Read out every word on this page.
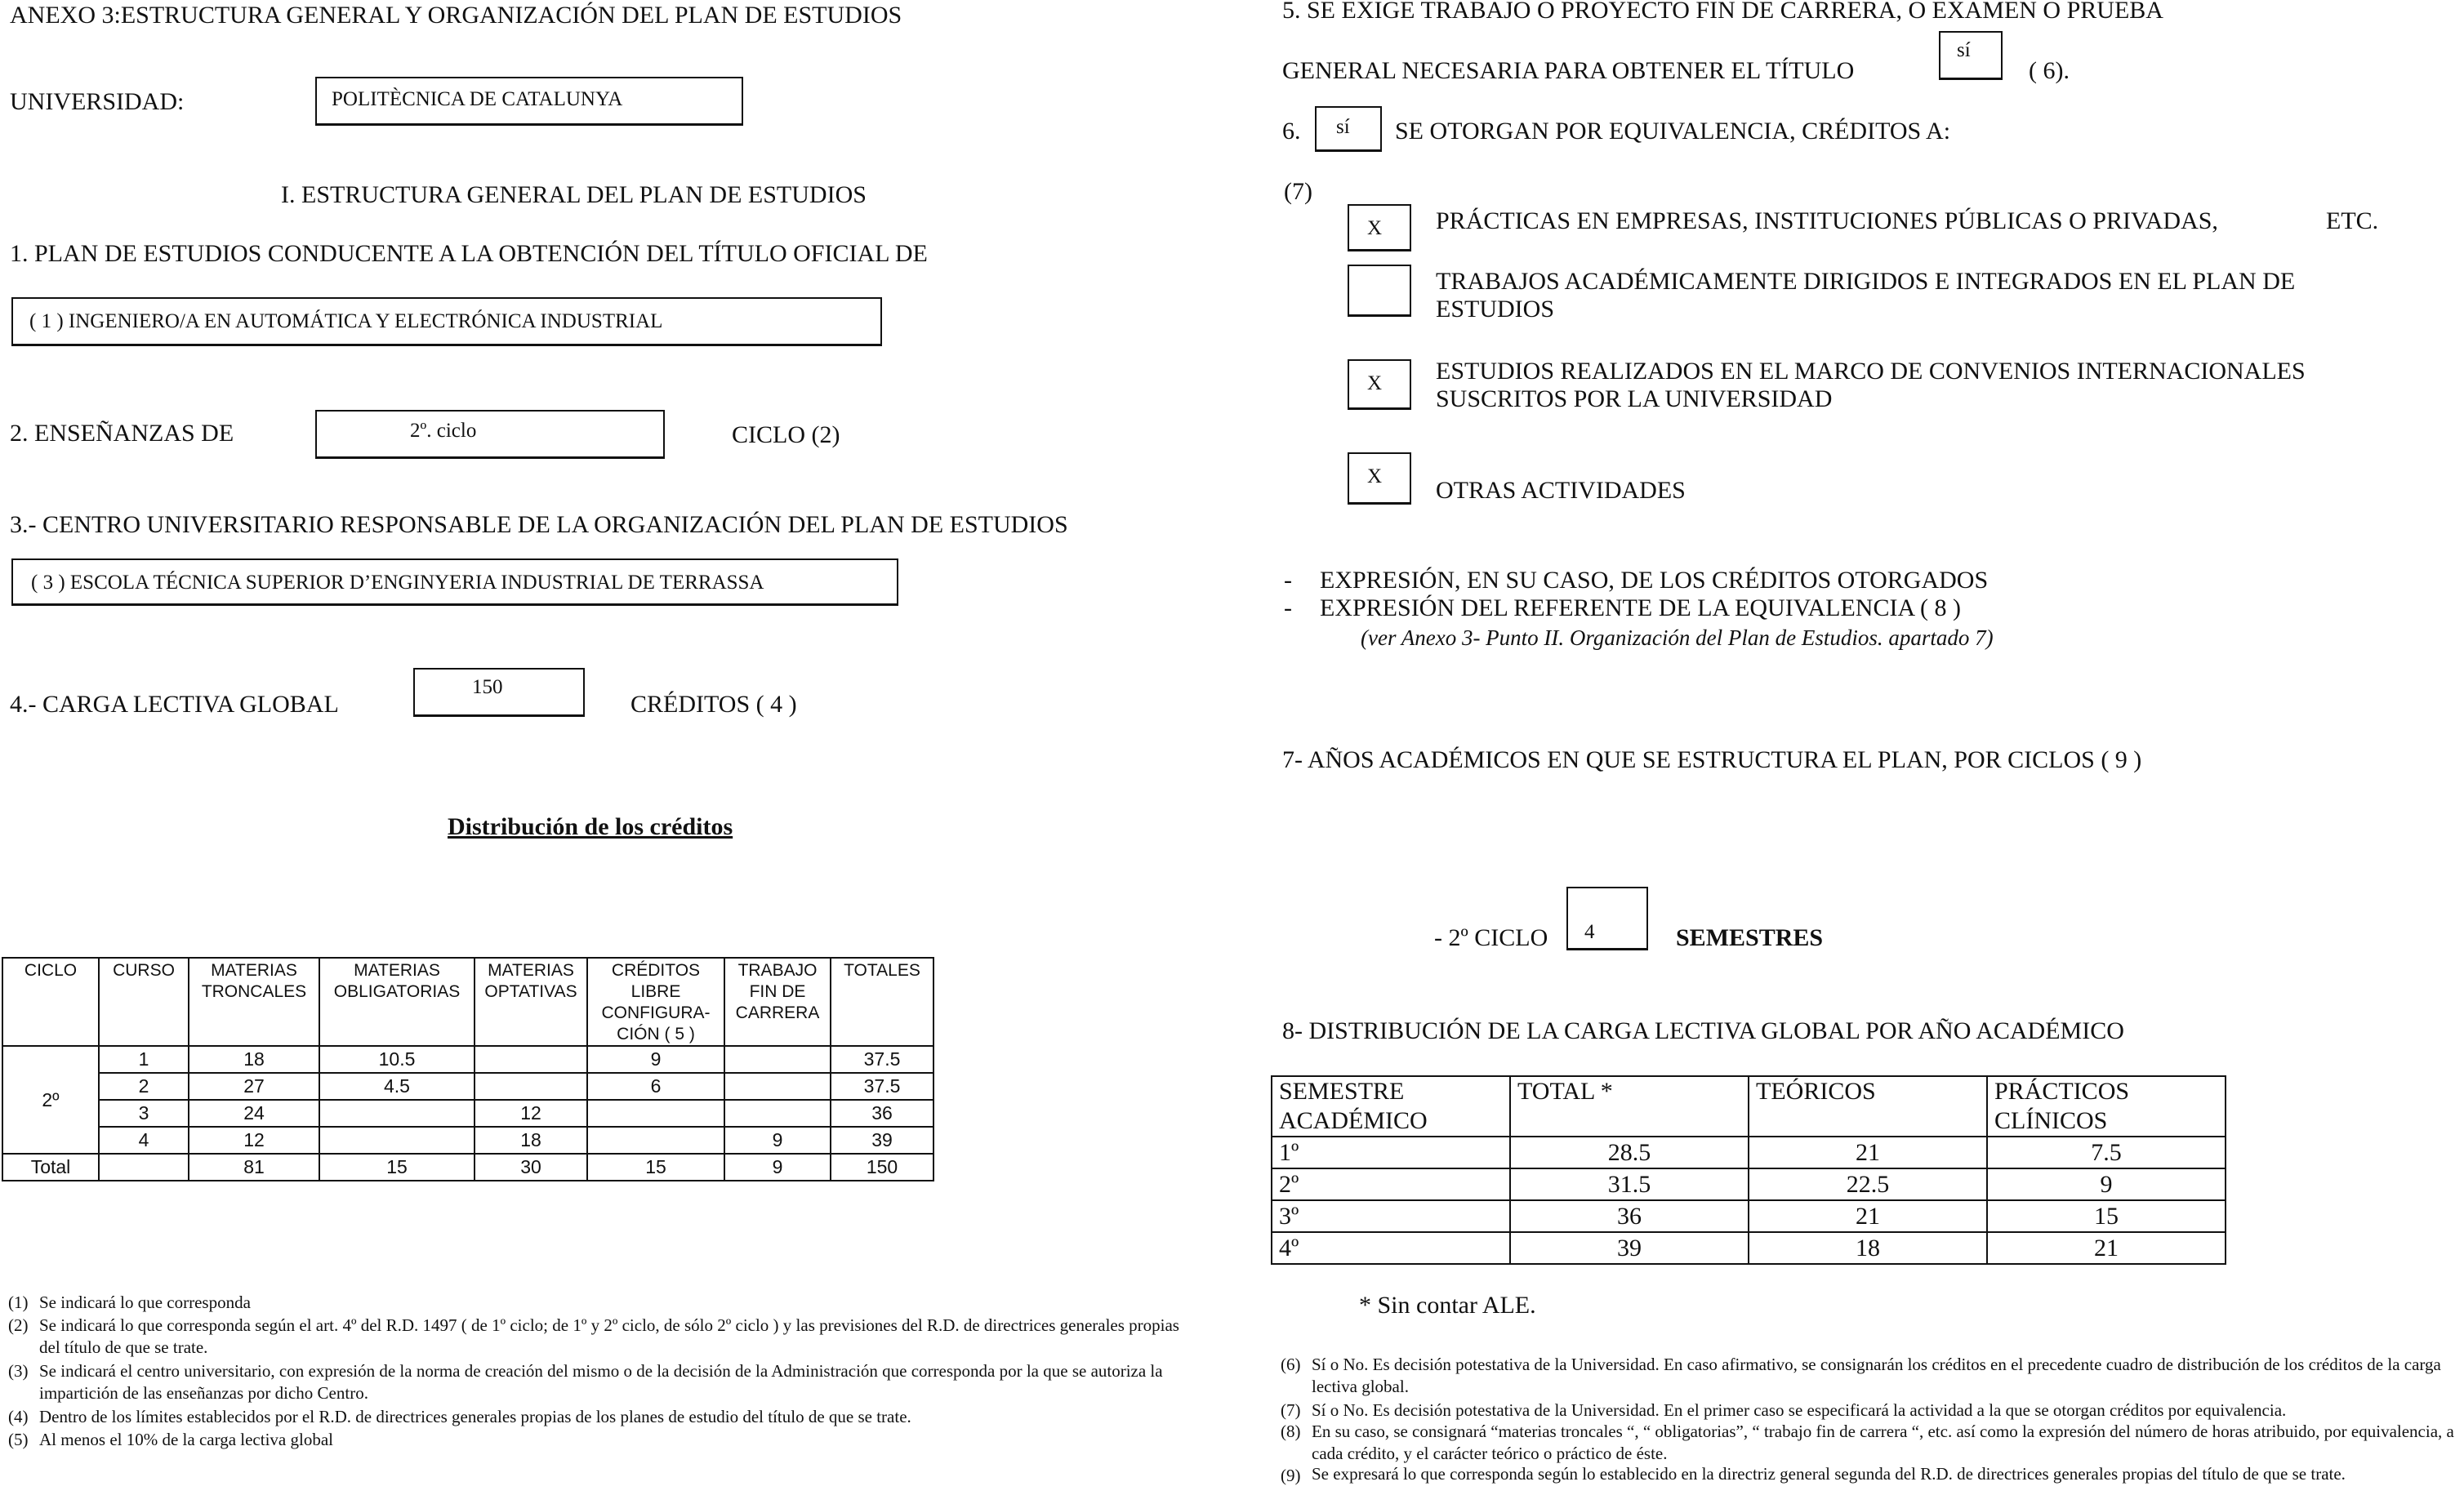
ANEXO 3:ESTRUCTURA GENERAL Y ORGANIZACIÓN DEL PLAN DE ESTUDIOS
UNIVERSIDAD:	POLITÈCNICA DE CATALUNYA
I. ESTRUCTURA GENERAL DEL PLAN DE ESTUDIOS
1. PLAN DE ESTUDIOS CONDUCENTE A LA OBTENCIÓN DEL TÍTULO OFICIAL DE
( 1 ) INGENIERO/A EN AUTOMÁTICA Y ELECTRÓNICA INDUSTRIAL
2. ENSEÑANZAS DE	2º. ciclo	CICLO (2)
3.- CENTRO UNIVERSITARIO RESPONSABLE DE LA ORGANIZACIÓN DEL PLAN DE ESTUDIOS
( 3 ) ESCOLA TÉCNICA SUPERIOR D’ENGINYERIA INDUSTRIAL DE TERRASSA
4.- CARGA LECTIVA GLOBAL
150
CRÉDITOS ( 4 )
Distribución de los créditos
CICLO	CURSO	MATERIAS TRONCALES	MATERIAS OBLIGATORIAS	MATERIAS OPTATIVAS	CRÉDITOS LIBRE CONFIGURA-CIÓN ( 5 )	TRABAJO FIN DE CARRERA	TOTALES
2º	1	18	10.5		9		37.5
	2	27	4.5		6		37.5
	3	24		12			36
	4	12		18		9	39
Total		81	15	30	15	9	150
(1) Se indicará lo que corresponda
(2) Se indicará lo que corresponda según el art. 4º del R.D. 1497 ( de 1º ciclo; de 1º y 2º ciclo, de sólo 2º ciclo ) y las previsiones del R.D. de directrices generales propias del título de que se trate.
(3) Se indicará el centro universitario, con expresión de la norma de creación del mismo o de la decisión de la Administración que corresponda por la que se autoriza la impartición de las enseñanzas por dicho Centro.
(4) Dentro de los límites establecidos por el R.D. de directrices generales propias de los planes de estudio del título de que se trate.
(5) Al menos el 10% de la carga lectiva global
5. SE EXIGE TRABAJO O PROYECTO FIN DE CARRERA, O EXAMEN O PRUEBA
GENERAL NECESARIA PARA OBTENER EL TÍTULO
sí
( 6).
6. sí SE OTORGAN POR EQUIVALENCIA, CRÉDITOS A:
(7)
X PRÁCTICAS EN EMPRESAS, INSTITUCIONES PÚBLICAS O PRIVADAS,	ETC.
TRABAJOS ACADÉMICAMENTE DIRIGIDOS E INTEGRADOS EN EL PLAN DE
ESTUDIOS
X ESTUDIOS REALIZADOS EN EL MARCO DE CONVENIOS INTERNACIONALES
SUSCRITOS POR LA UNIVERSIDAD
X
OTRAS ACTIVIDADES
- EXPRESIÓN, EN SU CASO, DE LOS CRÉDITOS OTORGADOS
- EXPRESIÓN DEL REFERENTE DE LA EQUIVALENCIA ( 8 )
(ver Anexo 3- Punto II. Organización del Plan de Estudios. apartado 7)
7- AÑOS ACADÉMICOS EN QUE SE ESTRUCTURA EL PLAN, POR CICLOS ( 9 )
- 2º CICLO 4	SEMESTRES
8- DISTRIBUCIÓN DE LA CARGA LECTIVA GLOBAL POR AÑO ACADÉMICO
SEMESTRE ACADÉMICO	TOTAL *	TEÓRICOS	PRÁCTICOS CLÍNICOS
1º	28.5	21	7.5
2º	31.5	22.5	9
3º	36	21	15
4º	39	18	21
* Sin contar ALE.
(6) Sí o No. Es decisión potestativa de la Universidad. En caso afirmativo, se consignarán los créditos en el precedente cuadro de distribución de los créditos de la carga lectiva global.
(7) Sí o No. Es decisión potestativa de la Universidad. En el primer caso se especificará la actividad a la que se otorgan créditos por equivalencia.
(8) En su caso, se consignará “materias troncales “, “ obligatorias”, “ trabajo fin de carrera “, etc. así como la expresión del número de horas atribuido, por equivalencia, a cada crédito, y el carácter teórico o práctico de éste.
(9) Se expresará lo que corresponda según lo establecido en la directriz general segunda del R.D. de directrices generales propias del título de que se trate.
